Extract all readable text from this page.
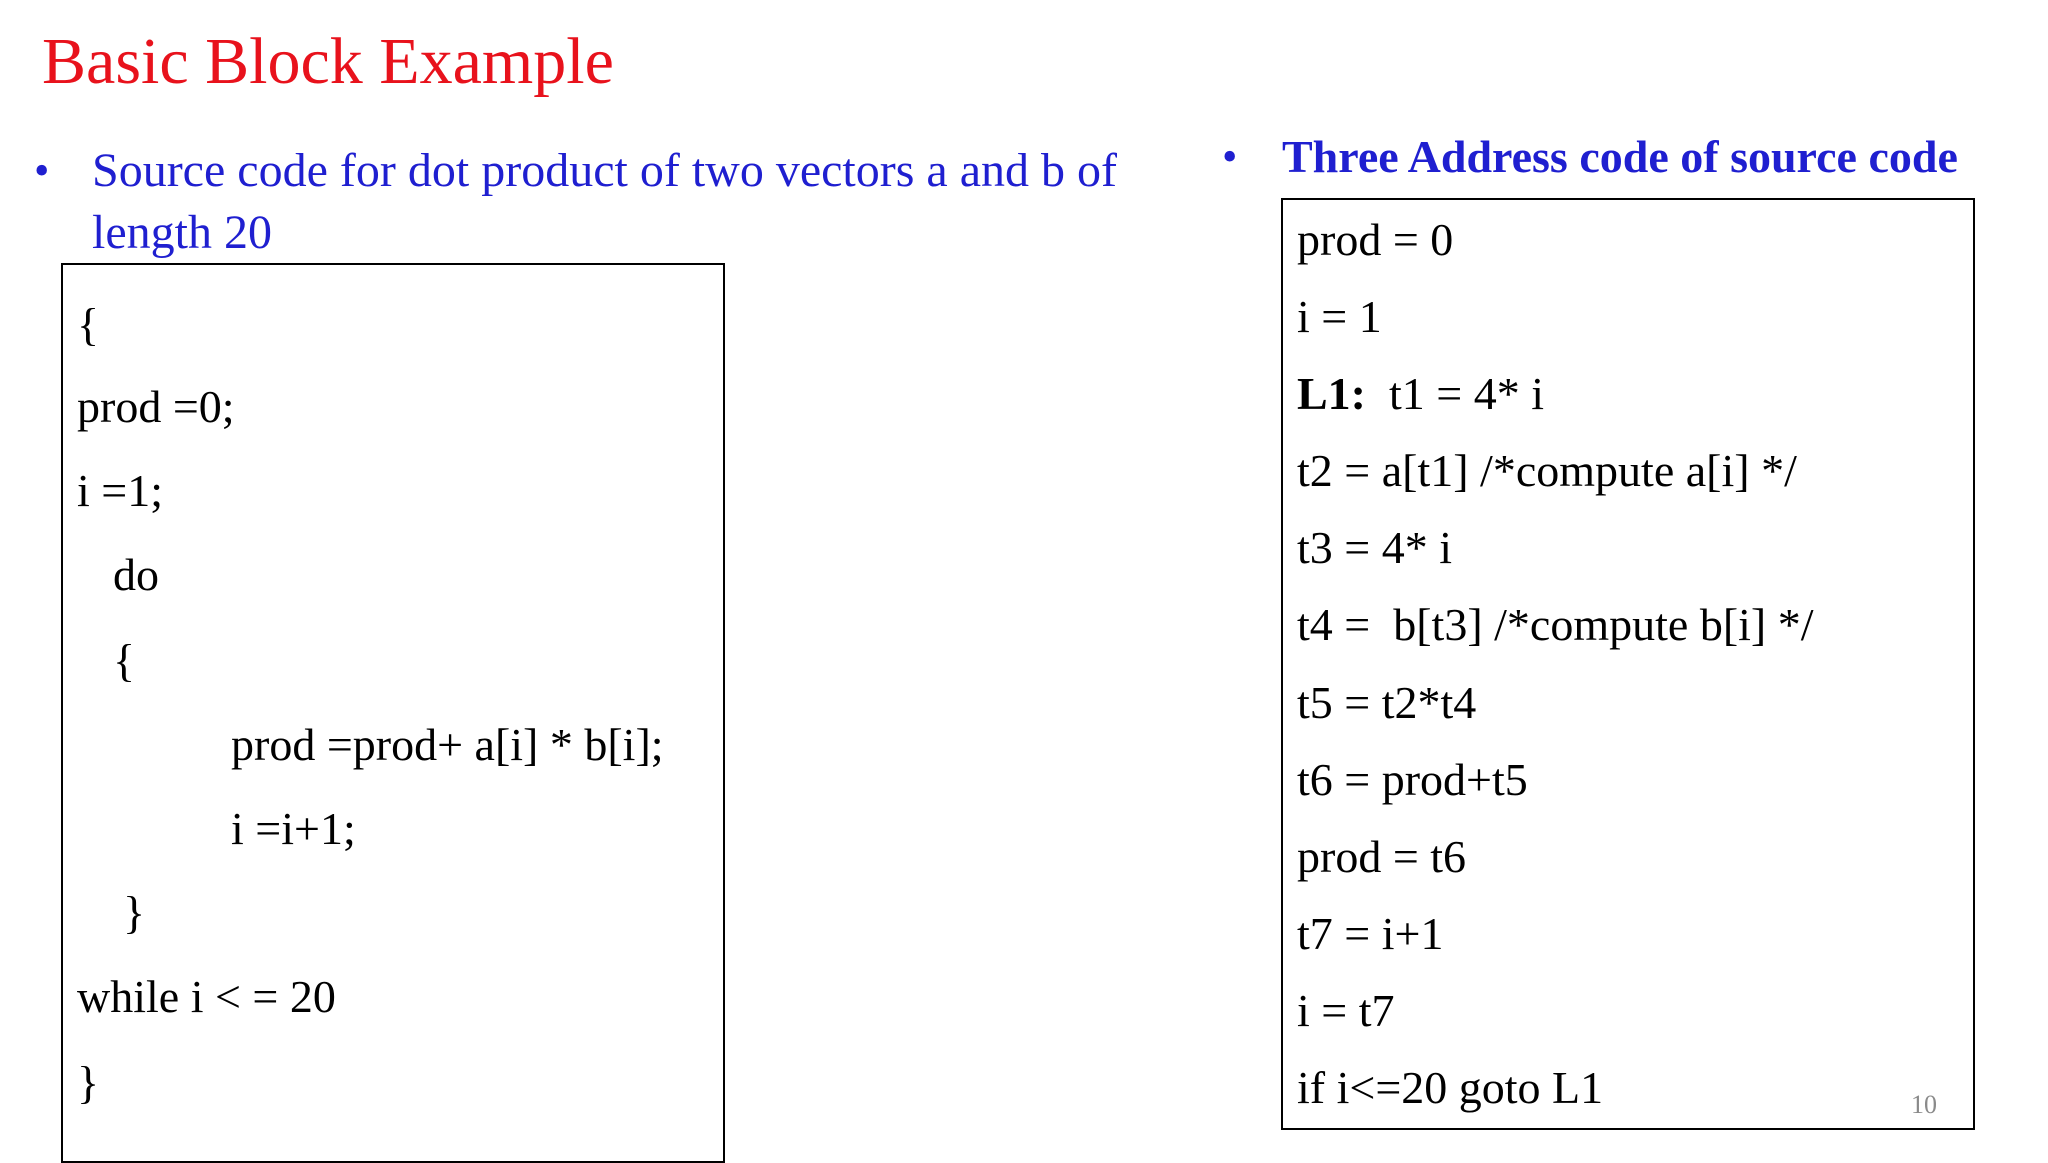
Basic Block Example
• Source code for dot product of two vectors a and b of length 20
• Three Address code of source code
{
prod =0;
i =1;
do
{
prod =prod+ a[i] * b[i];
i =i+1;
}
while i < = 20
}
prod = 0
i = 1
L1:  t1 = 4* i
t2 = a[t1] /*compute a[i] */
t3 = 4* i
t4 =  b[t3] /*compute b[i] */
t5 = t2*t4
t6 = prod+t5
prod = t6
t7 = i+1
i = t7
if i<=20 goto L1	10
